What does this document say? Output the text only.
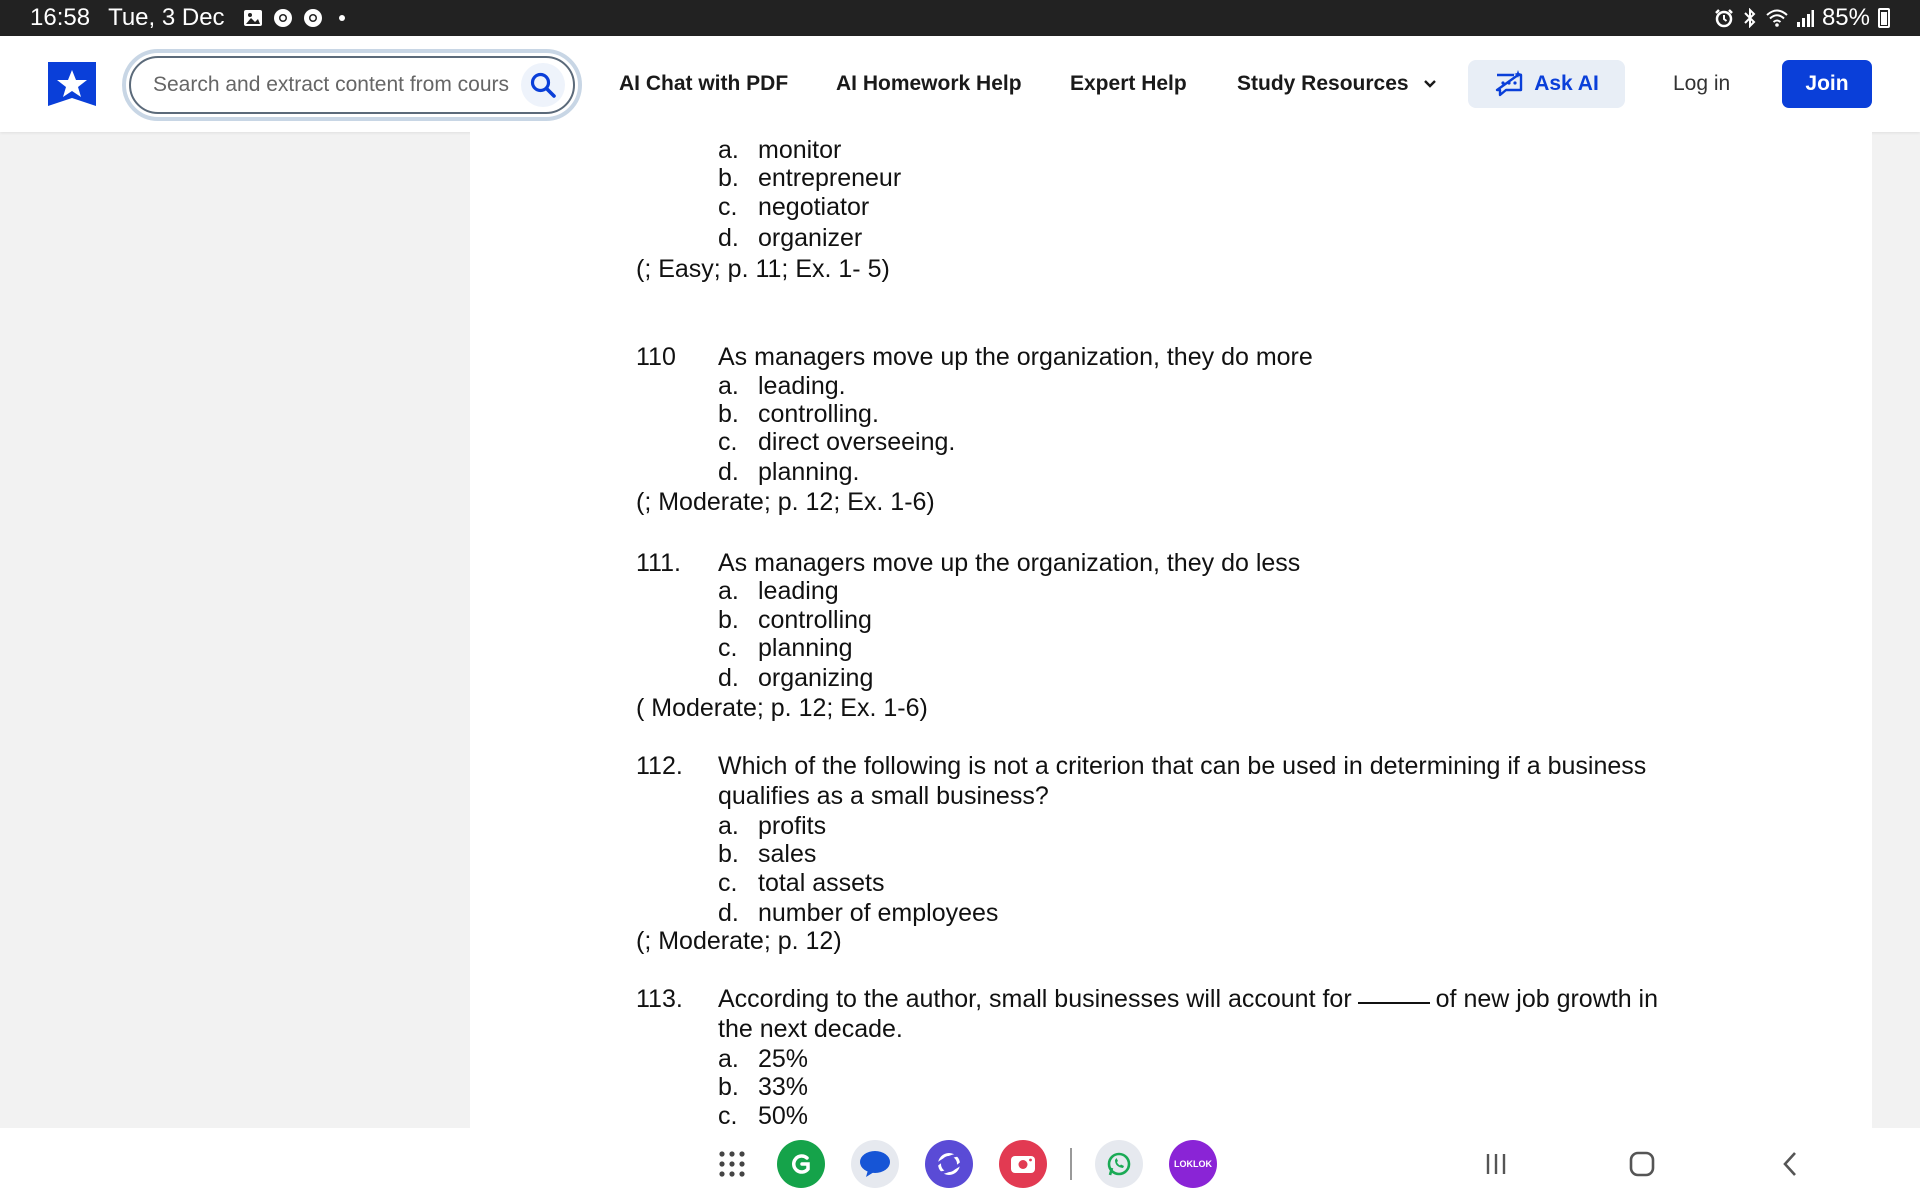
16:58 Tue, 3 Dec	85%
Search and extract content from cours
AI Chat with PDF AI Homework Help Expert Help Study Resources	Ask AI	Log in	Join
a. monitor
b. entrepreneur
c. negotiator
d. organizer
(; Easy; p. 11; Ex. 1- 5)
110 As managers move up the organization, they do more
a. leading.
b. controlling.
c. direct overseeing.
d. planning.
(; Moderate; p. 12; Ex. 1-6)
111. As managers move up the organization, they do less
a. leading
b. controlling
c. planning
d. organizing
( Moderate; p. 12; Ex. 1-6)
112. Which of the following is not a criterion that can be used in determining if a business
qualifies as a small business?
a. profits
b. sales
c. total assets
d. number of employees
(; Moderate; p. 12)
113. According to the author, small businesses will account for	of new job growth in
the next decade.
a. 25%
b. 33%
c. 50%
LOKLOK
